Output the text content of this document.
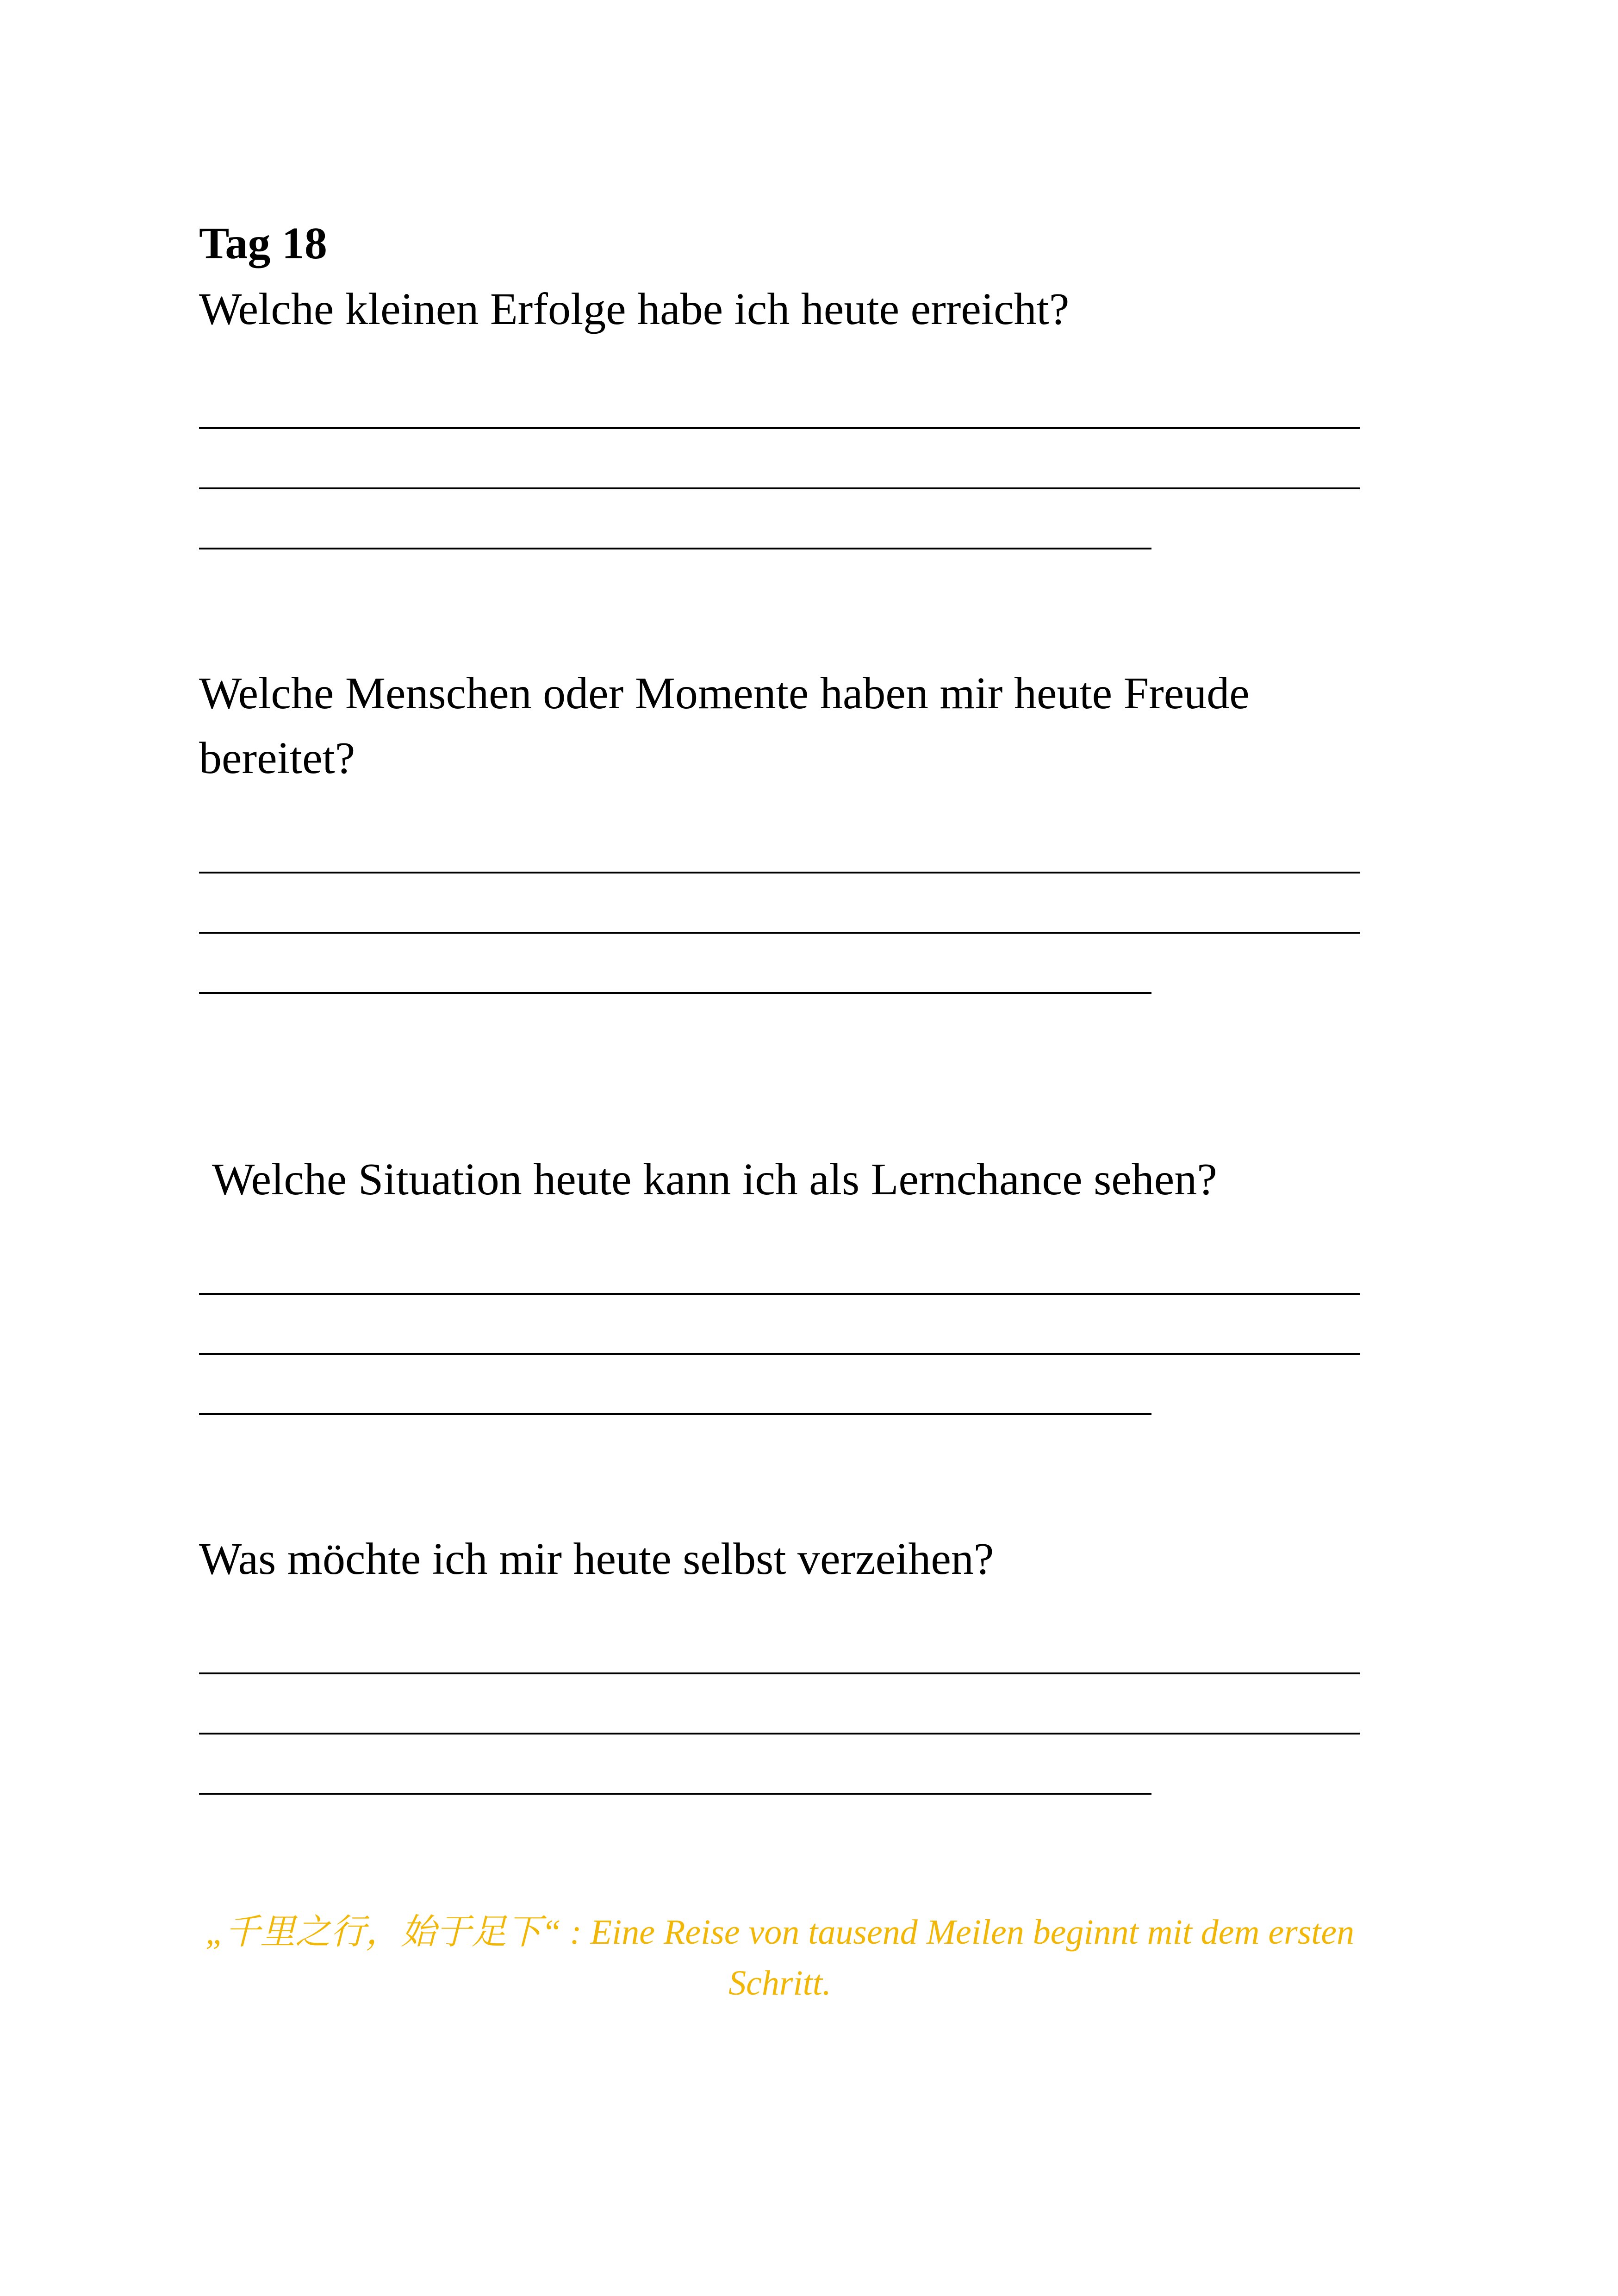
Tag 18
Welche kleinen Erfolge habe ich heute erreicht?
Welche Menschen oder Momente haben mir heute Freude bereitet?
Welche Situation heute kann ich als Lernchance sehen?
Was möchte ich mir heute selbst verzeihen?
„千里之行，始于足下“ : Eine Reise von tausend Meilen beginnt mit dem ersten Schritt.
